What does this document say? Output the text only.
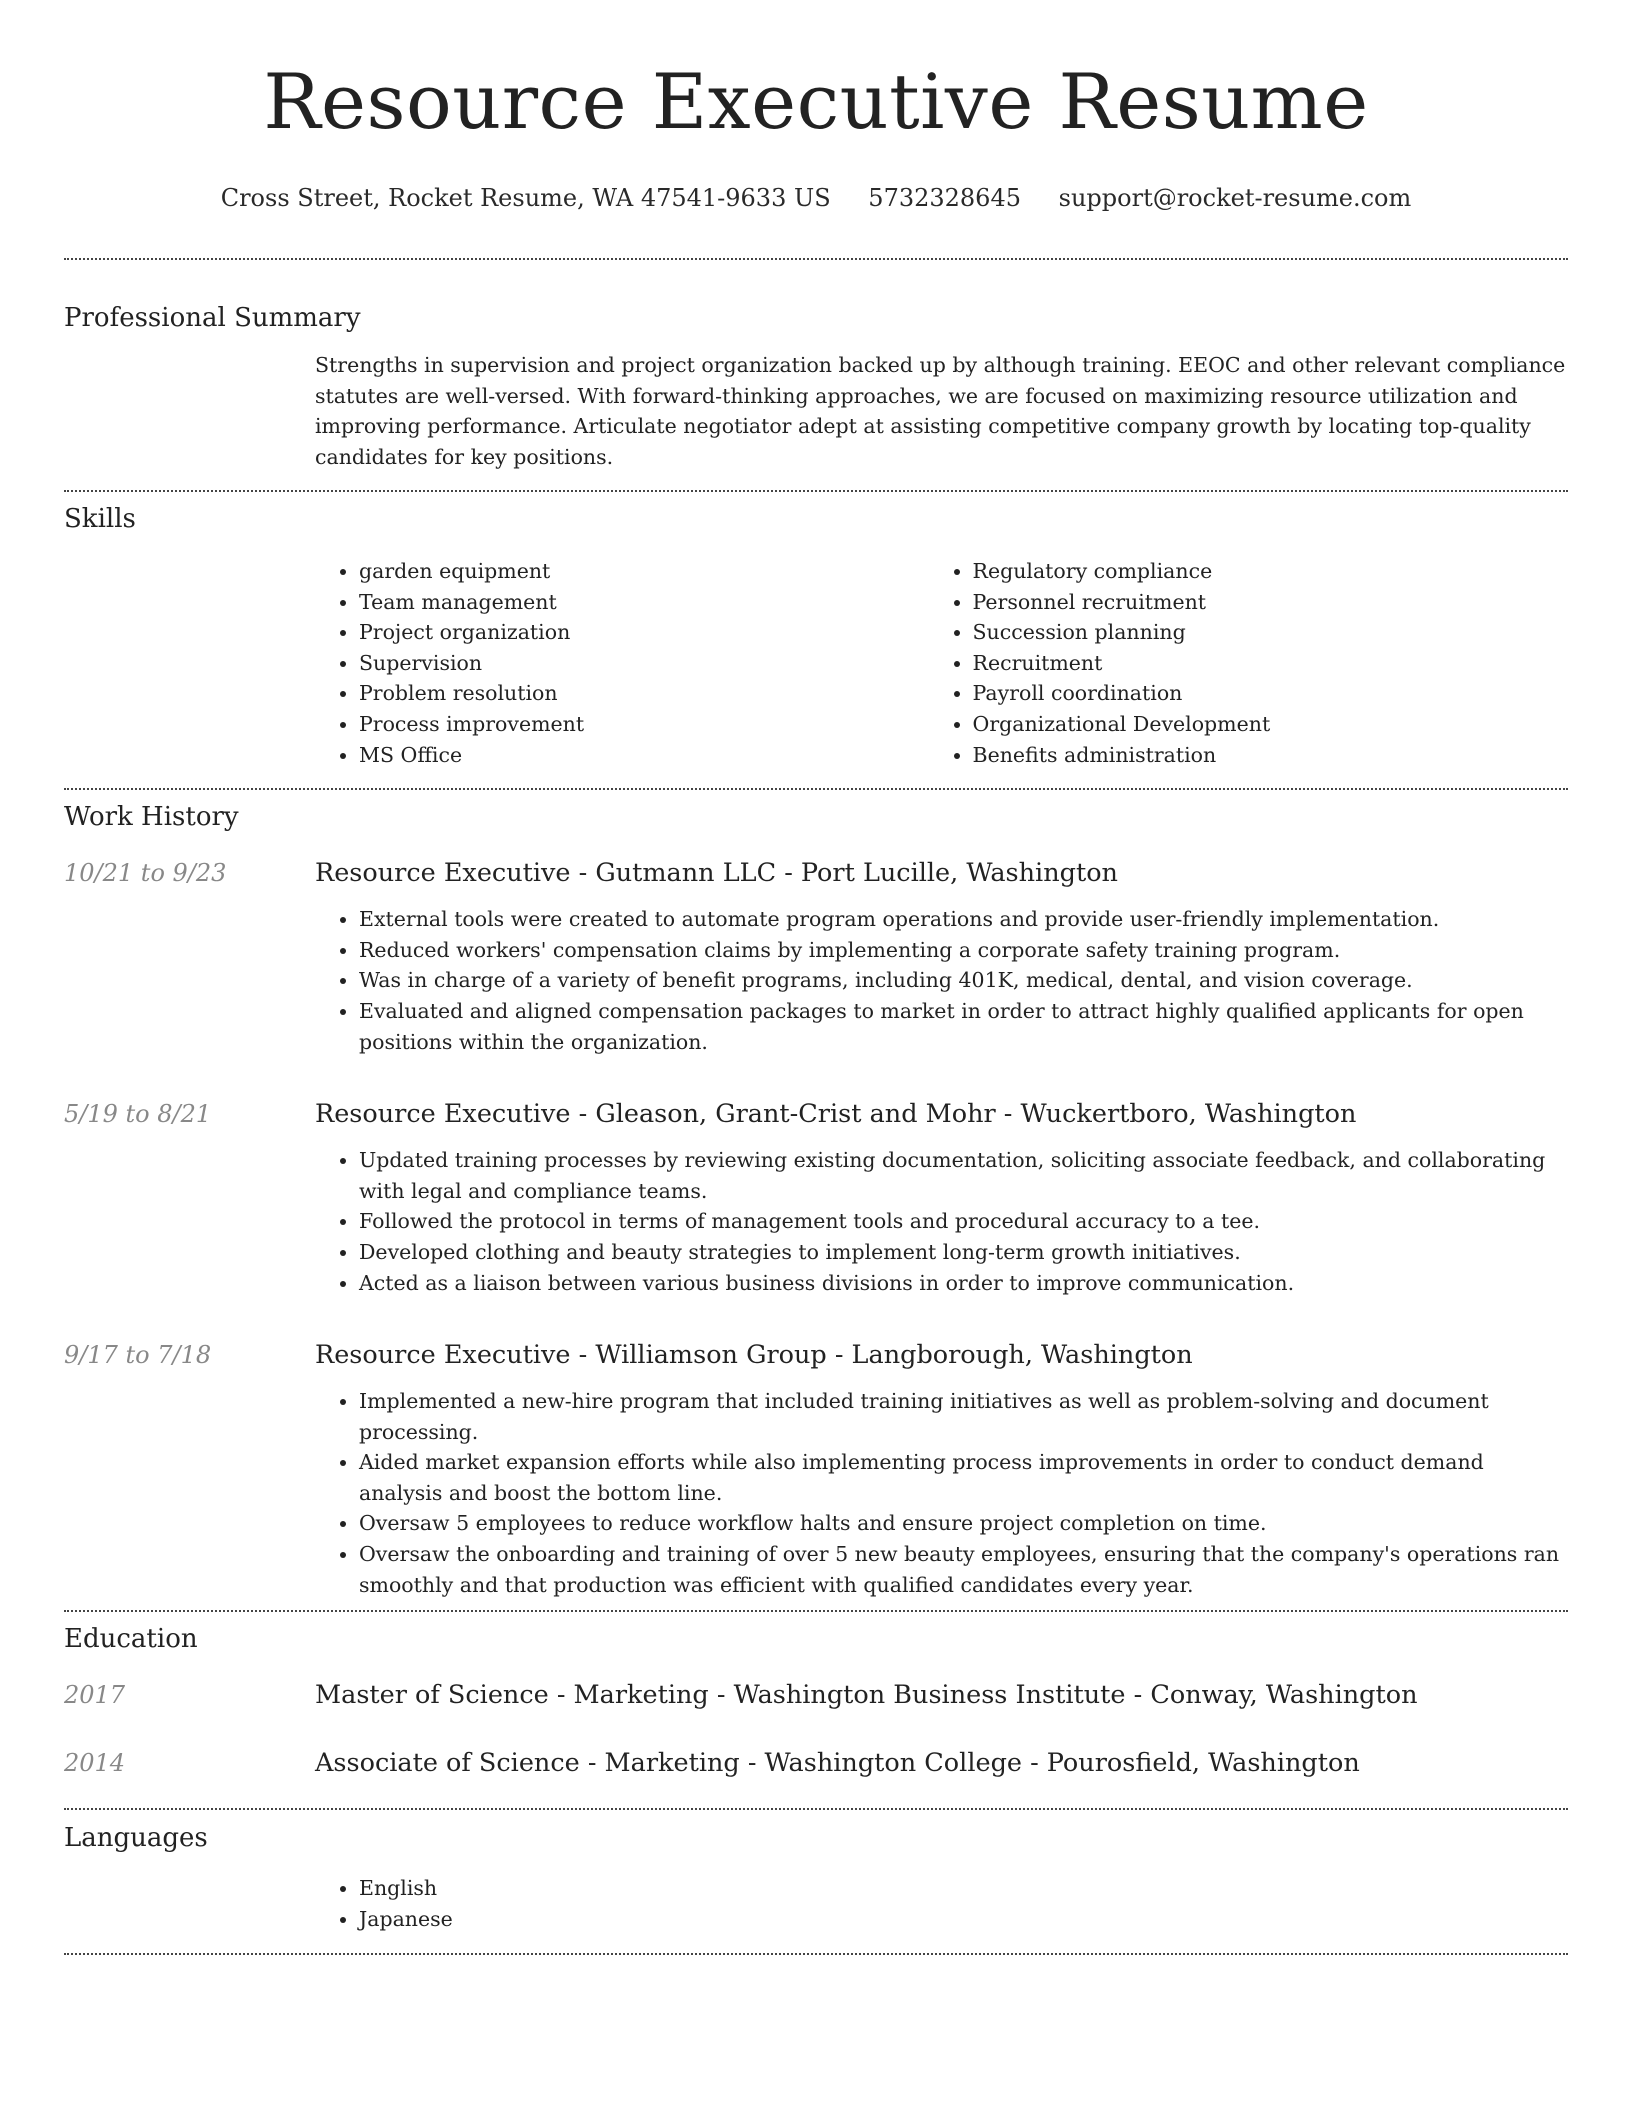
Resource Executive Resume
Cross Street, Rocket Resume, WA 47541-9633 US 5732328645 support@rocket-resume.com
Professional Summary

Strengths in supervision and project organization backed up by although training. EEOC and other relevant compliance statutes are well-versed. With forward-thinking approaches, we are focused on maximizing resource utilization and improving performance. Articulate negotiator adept at assisting competitive company growth by locating top-quality candidates for key positions.

Skills
• garden equipment
• Team management
• Project organization
• Supervision
• Problem resolution
• Process improvement
• MS Office
• Regulatory compliance
• Personnel recruitment
• Succession planning
• Recruitment
• Payroll coordination
• Organizational Development
• Benefits administration
Work History
10/21 to 9/23	Resource Executive - Gutmann LLC - Port Lucille, Washington
• External tools were created to automate program operations and provide user-friendly implementation.
• Reduced workers' compensation claims by implementing a corporate safety training program.
• Was in charge of a variety of benefit programs, including 401K, medical, dental, and vision coverage.
• Evaluated and aligned compensation packages to market in order to attract highly qualified applicants for open positions within the organization.
5/19 to 8/21	Resource Executive - Gleason, Grant-Crist and Mohr - Wuckertboro, Washington
• Updated training processes by reviewing existing documentation, soliciting associate feedback, and collaborating with legal and compliance teams.
• Followed the protocol in terms of management tools and procedural accuracy to a tee.
• Developed clothing and beauty strategies to implement long-term growth initiatives.
• Acted as a liaison between various business divisions in order to improve communication.
9/17 to 7/18	Resource Executive - Williamson Group - Langborough, Washington
• Implemented a new-hire program that included training initiatives as well as problem-solving and document processing.
• Aided market expansion efforts while also implementing process improvements in order to conduct demand analysis and boost the bottom line.
• Oversaw 5 employees to reduce workflow halts and ensure project completion on time.
• Oversaw the onboarding and training of over 5 new beauty employees, ensuring that the company's operations ran smoothly and that production was efficient with qualified candidates every year.
Education
2017	Master of Science - Marketing - Washington Business Institute - Conway, Washington
2014	Associate of Science - Marketing - Washington College - Pourosfield, Washington
Languages
• English
• Japanese
